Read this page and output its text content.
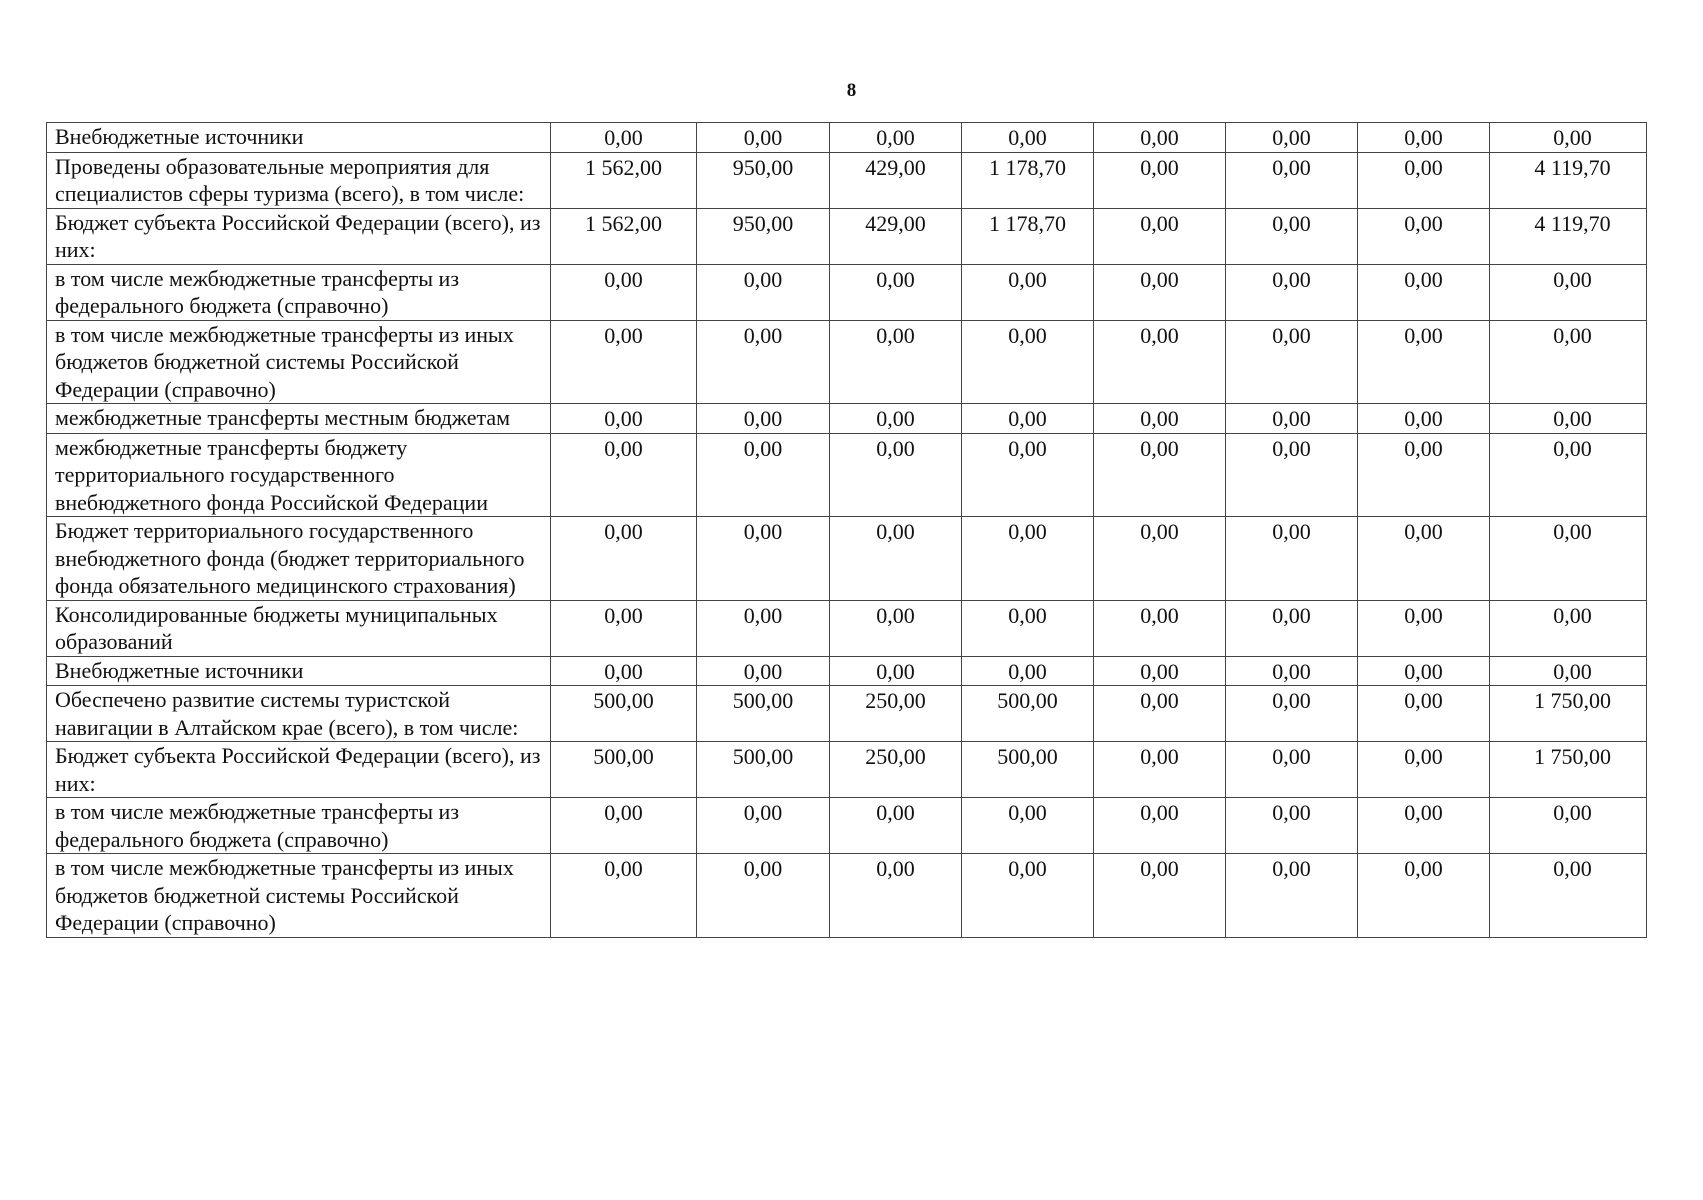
8
Внебюджетные источники	0,00	0,00	0,00	0,00	0,00	0,00	0,00	0,00
Проведены образовательные мероприятия для специалистов сферы туризма (всего), в том числе:	1 562,00	950,00	429,00	1 178,70	0,00	0,00	0,00	4 119,70
Бюджет субъекта Российской Федерации (всего), из них:	1 562,00	950,00	429,00	1 178,70	0,00	0,00	0,00	4 119,70
в том числе межбюджетные трансферты из федерального бюджета (справочно)	0,00	0,00	0,00	0,00	0,00	0,00	0,00	0,00
в том числе межбюджетные трансферты из иных бюджетов бюджетной системы Российской Федерации (справочно)	0,00	0,00	0,00	0,00	0,00	0,00	0,00	0,00
межбюджетные трансферты местным бюджетам	0,00	0,00	0,00	0,00	0,00	0,00	0,00	0,00
межбюджетные трансферты бюджету территориального государственного внебюджетного фонда Российской Федерации	0,00	0,00	0,00	0,00	0,00	0,00	0,00	0,00
Бюджет территориального государственного внебюджетного фонда (бюджет территориального фонда обязательного медицинского страхования)	0,00	0,00	0,00	0,00	0,00	0,00	0,00	0,00
Консолидированные бюджеты муниципальных образований	0,00	0,00	0,00	0,00	0,00	0,00	0,00	0,00
Внебюджетные источники	0,00	0,00	0,00	0,00	0,00	0,00	0,00	0,00
Обеспечено развитие системы туристской навигации в Алтайском крае (всего), в том числе:	500,00	500,00	250,00	500,00	0,00	0,00	0,00	1 750,00
Бюджет субъекта Российской Федерации (всего), из них:	500,00	500,00	250,00	500,00	0,00	0,00	0,00	1 750,00
в том числе межбюджетные трансферты из федерального бюджета (справочно)	0,00	0,00	0,00	0,00	0,00	0,00	0,00	0,00
в том числе межбюджетные трансферты из иных бюджетов бюджетной системы Российской Федерации (справочно)	0,00	0,00	0,00	0,00	0,00	0,00	0,00	0,00
